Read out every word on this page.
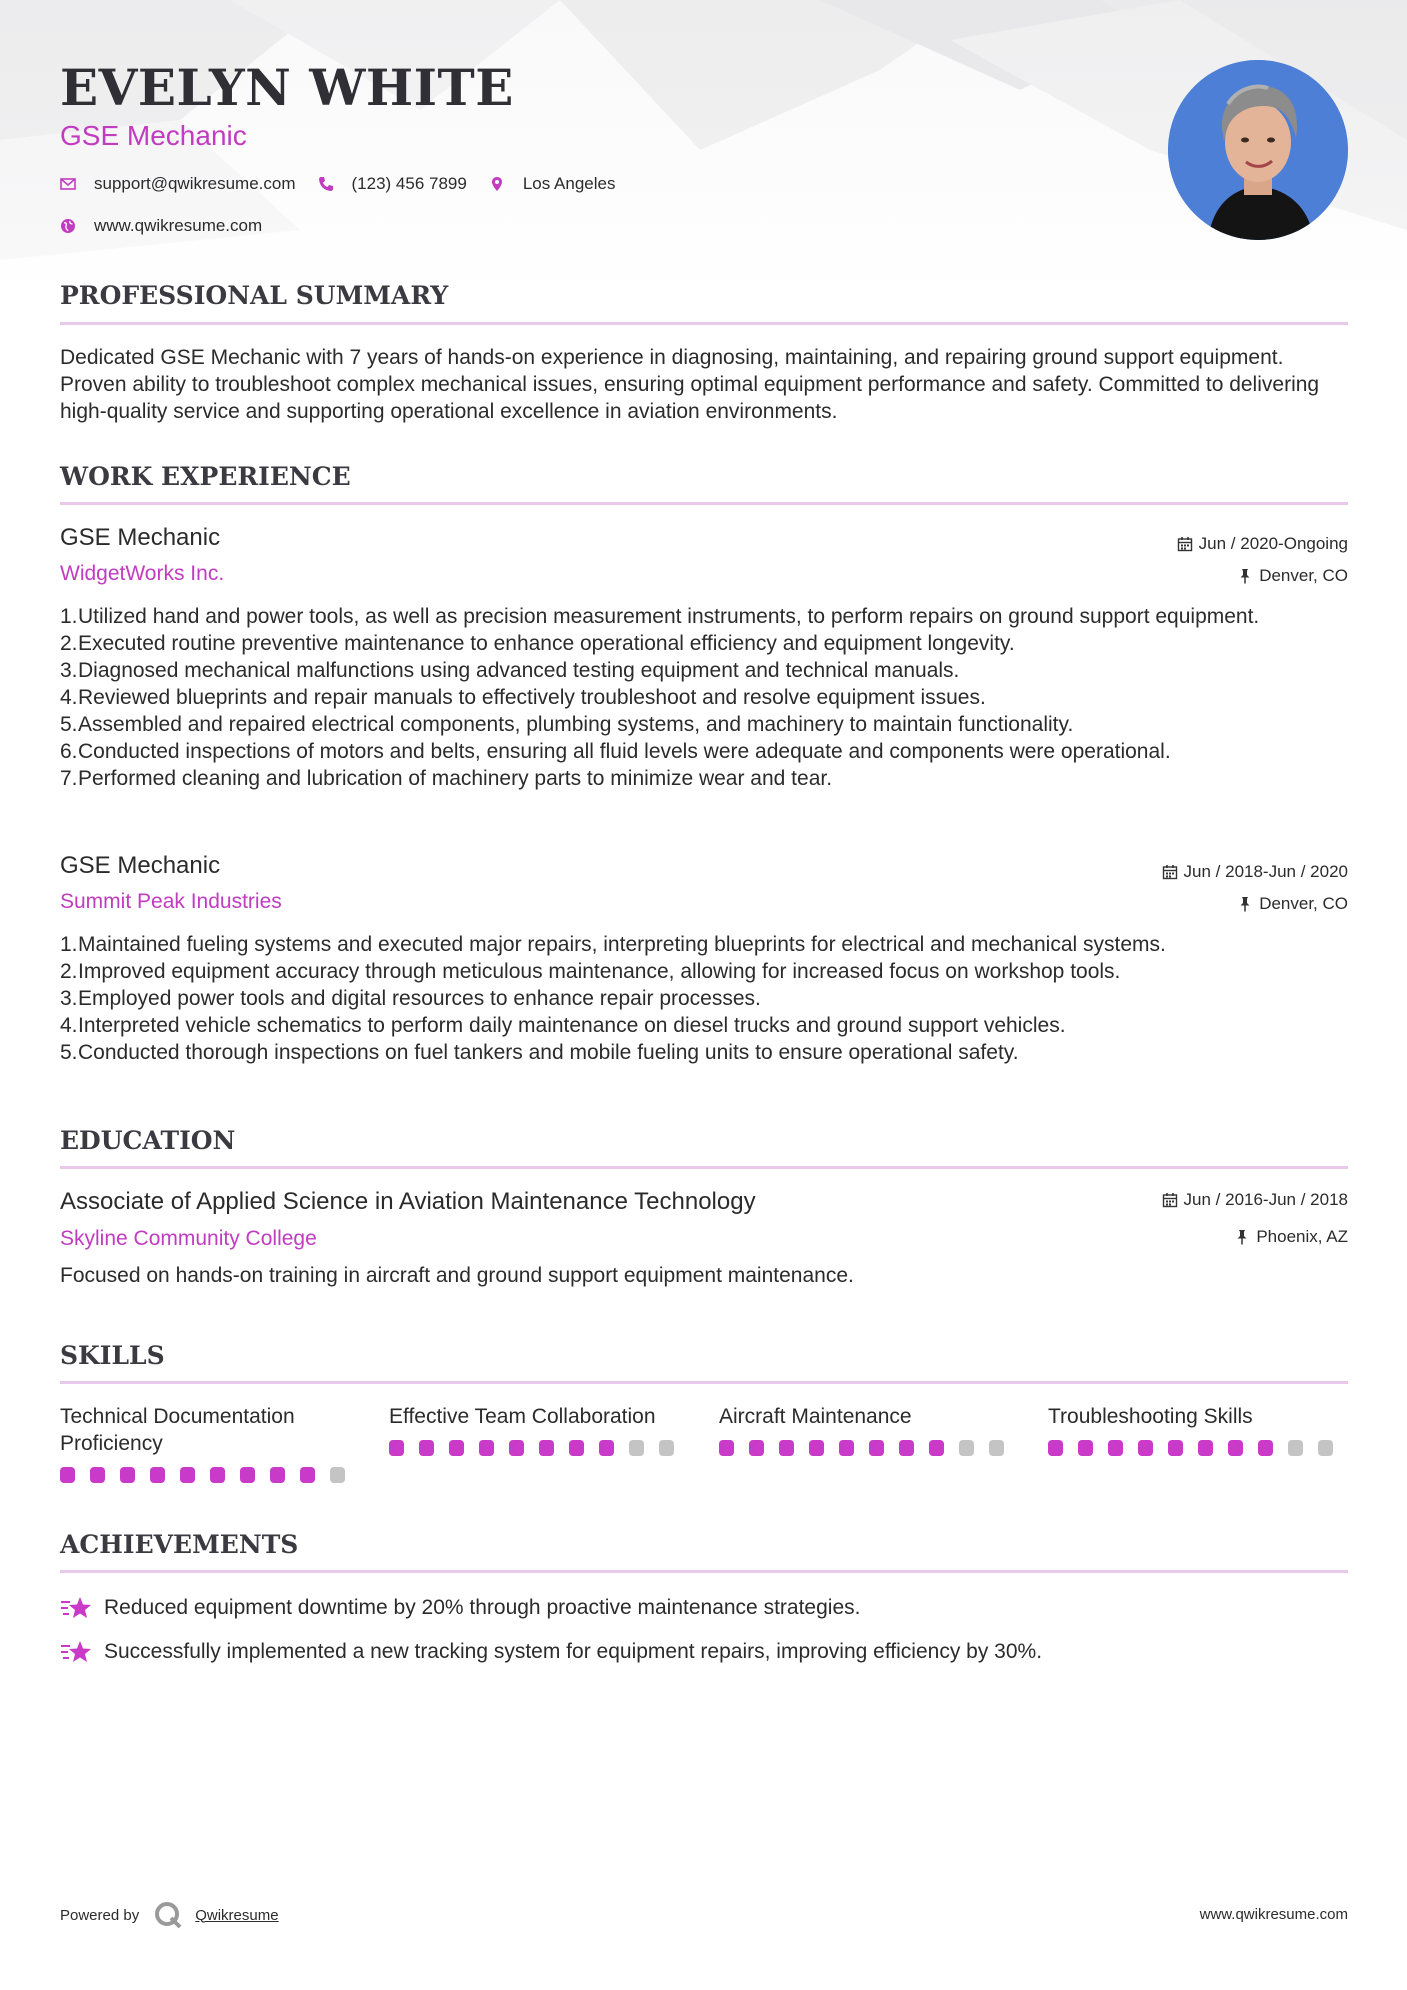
EVELYN WHITE
GSE Mechanic
support@qwikresume.com	(123) 456 7899	Los Angeles
www.qwikresume.com
PROFESSIONAL SUMMARY
Dedicated GSE Mechanic with 7 years of hands-on experience in diagnosing, maintaining, and repairing ground support equipment. Proven ability to troubleshoot complex mechanical issues, ensuring optimal equipment performance and safety. Committed to delivering high-quality service and supporting operational excellence in aviation environments.
WORK EXPERIENCE
GSE Mechanic
WidgetWorks Inc.
Jun / 2020-Ongoing
Denver, CO
1.Utilized hand and power tools, as well as precision measurement instruments, to perform repairs on ground support equipment.
2.Executed routine preventive maintenance to enhance operational efficiency and equipment longevity.
3.Diagnosed mechanical malfunctions using advanced testing equipment and technical manuals.
4.Reviewed blueprints and repair manuals to effectively troubleshoot and resolve equipment issues.
5.Assembled and repaired electrical components, plumbing systems, and machinery to maintain functionality.
6.Conducted inspections of motors and belts, ensuring all fluid levels were adequate and components were operational.
7.Performed cleaning and lubrication of machinery parts to minimize wear and tear.
GSE Mechanic
Summit Peak Industries
Jun / 2018-Jun / 2020
Denver, CO
1.Maintained fueling systems and executed major repairs, interpreting blueprints for electrical and mechanical systems.
2.Improved equipment accuracy through meticulous maintenance, allowing for increased focus on workshop tools.
3.Employed power tools and digital resources to enhance repair processes.
4.Interpreted vehicle schematics to perform daily maintenance on diesel trucks and ground support vehicles.
5.Conducted thorough inspections on fuel tankers and mobile fueling units to ensure operational safety.
EDUCATION
Associate of Applied Science in Aviation Maintenance Technology
Skyline Community College
Jun / 2016-Jun / 2018
Phoenix, AZ
Focused on hands-on training in aircraft and ground support equipment maintenance.
SKILLS
Technical Documentation Proficiency
Effective Team Collaboration	Aircraft Maintenance	Troubleshooting Skills
ACHIEVEMENTS
Reduced equipment downtime by 20% through proactive maintenance strategies.
Successfully implemented a new tracking system for equipment repairs, improving efficiency by 30%.
Powered by	Qwikresume	www.qwikresume.com
